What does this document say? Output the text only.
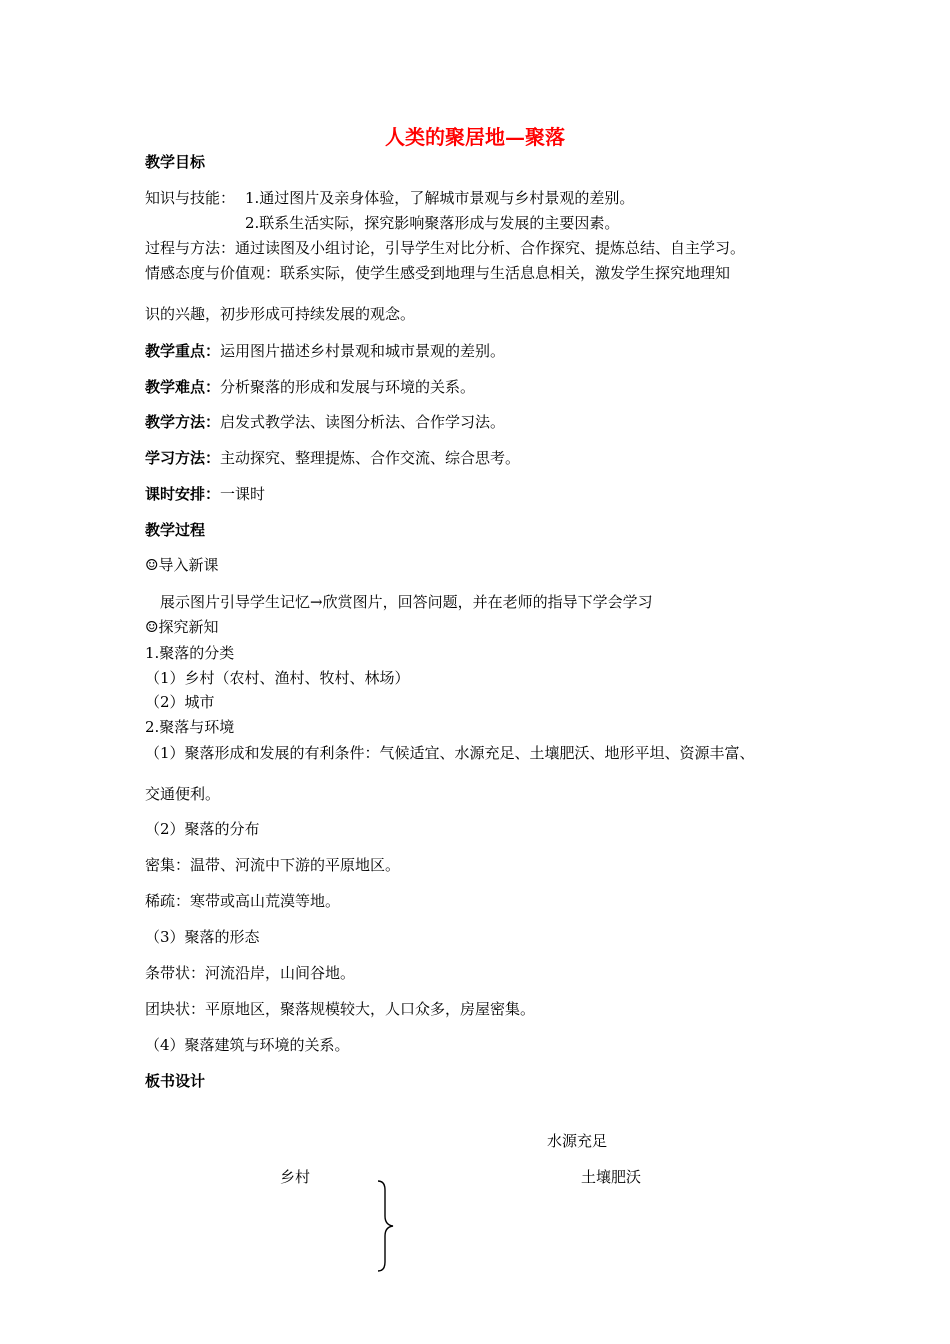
人类的聚居地—聚落
教学目标
知识与技能： 1.通过图片及亲身体验，了解城市景观与乡村景观的差别。
2.联系生活实际，探究影响聚落形成与发展的主要因素。
过程与方法：通过读图及小组讨论，引导学生对比分析、合作探究、提炼总结、自主学习。
情感态度与价值观：联系实际，使学生感受到地理与生活息息相关，激发学生探究地理知
识的兴趣，初步形成可持续发展的观念。
教学重点：运用图片描述乡村景观和城市景观的差别。
教学难点：分析聚落的形成和发展与环境的关系。
教学方法：启发式教学法、读图分析法、合作学习法。
学习方法：主动探究、整理提炼、合作交流、综合思考。
课时安排：一课时
教学过程
☺导入新课
展示图片引导学生记忆→欣赏图片，回答问题，并在老师的指导下学会学习
☺探究新知
1.聚落的分类
（1）乡村（农村、渔村、牧村、林场）
（2）城市
2.聚落与环境
（1）聚落形成和发展的有利条件：气候适宜、水源充足、土壤肥沃、地形平坦、资源丰富、
交通便利。
（2）聚落的分布
密集：温带、河流中下游的平原地区。
稀疏：寒带或高山荒漠等地。
（3）聚落的形态
条带状：河流沿岸，山间谷地。
团块状：平原地区，聚落规模较大，人口众多，房屋密集。
（4）聚落建筑与环境的关系。
板书设计
水源充足
乡村	土壤肥沃
